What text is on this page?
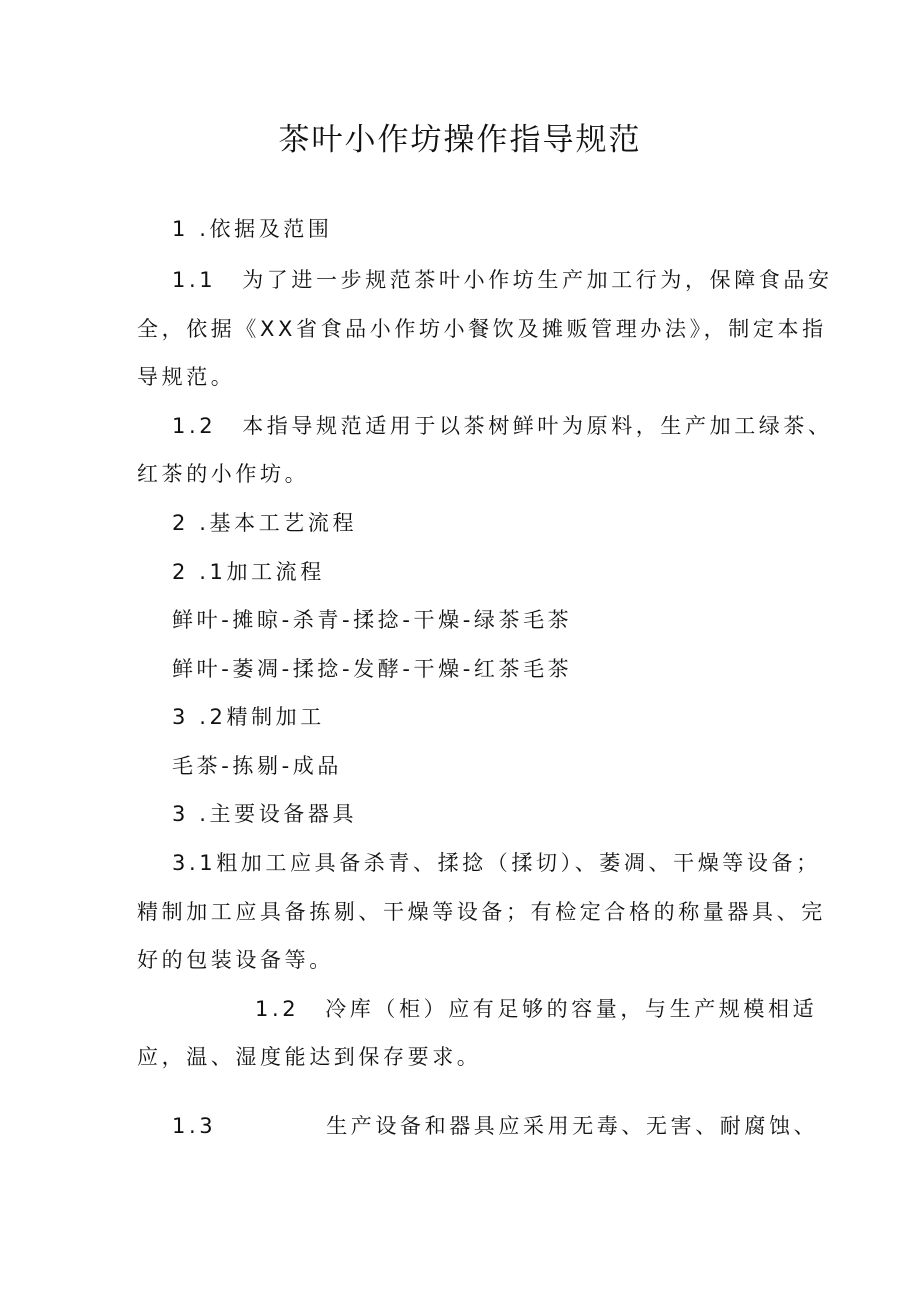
茶叶小作坊操作指导规范

1 .依据及范围

1.1 为了进一步规范茶叶小作坊生产加工行为，保障食品安

全，依据《XX省食品小作坊小餐饮及摊贩管理办法》，制定本指

导规范。

1.2 本指导规范适用于以茶树鲜叶为原料，生产加工绿茶、

红茶的小作坊。

2 .基本工艺流程

2 .1加工流程

鲜叶-摊晾-杀青-揉捻-干燥-绿茶毛茶

鲜叶-萎凋-揉捻-发酵-干燥-红茶毛茶

3 .2精制加工

毛茶-拣剔-成品

3 .主要设备器具

3.1粗加工应具备杀青、揉捻（揉切）、萎凋、干燥等设备；

精制加工应具备拣剔、干燥等设备；有检定合格的称量器具、完

好的包装设备等。

1.2 冷库（柜）应有足够的容量，与生产规模相适

应，温、湿度能达到保存要求。

1.3	生产设备和器具应采用无毒、无害、耐腐蚀、
